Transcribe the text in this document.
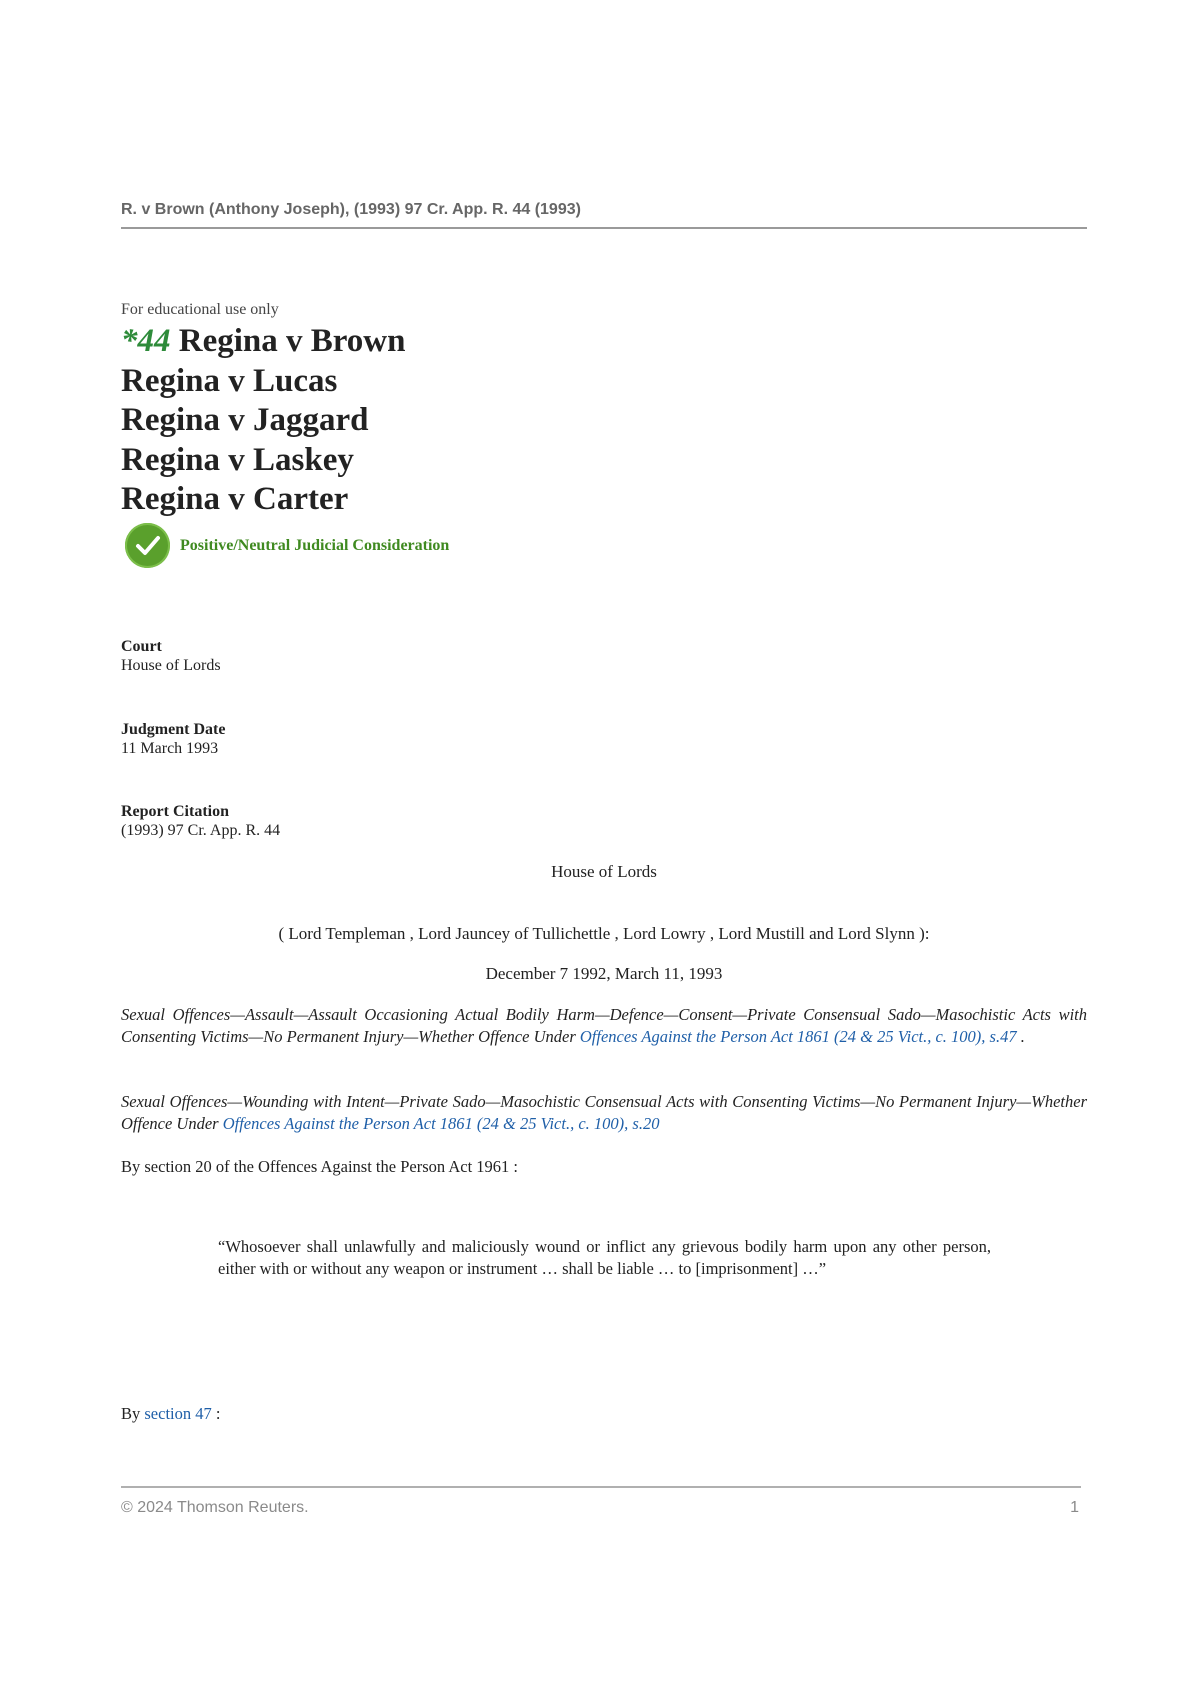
R. v Brown (Anthony Joseph), (1993) 97 Cr. App. R. 44 (1993)
For educational use only
*44 Regina v Brown
Regina v Lucas
Regina v Jaggard
Regina v Laskey
Regina v Carter
Positive/Neutral Judicial Consideration
Court
House of Lords
Judgment Date
11 March 1993
Report Citation
(1993) 97 Cr. App. R. 44
House of Lords
( Lord Templeman , Lord Jauncey of Tullichettle , Lord Lowry , Lord Mustill and Lord Slynn ):
December 7 1992, March 11, 1993
Sexual Offences—Assault—Assault Occasioning Actual Bodily Harm—Defence—Consent—Private Consensual Sado—Masochistic Acts with Consenting Victims—No Permanent Injury—Whether Offence Under Offences Against the Person Act 1861 (24 & 25 Vict., c. 100), s.47 .
Sexual Offences—Wounding with Intent—Private Sado—Masochistic Consensual Acts with Consenting Victims—No Permanent Injury—Whether Offence Under Offences Against the Person Act 1861 (24 & 25 Vict., c. 100), s.20
By section 20 of the Offences Against the Person Act 1961 :
“Whosoever shall unlawfully and maliciously wound or inflict any grievous bodily harm upon any other person, either with or without any weapon or instrument … shall be liable … to [imprisonment] …”
By section 47 :
© 2024 Thomson Reuters.	1
